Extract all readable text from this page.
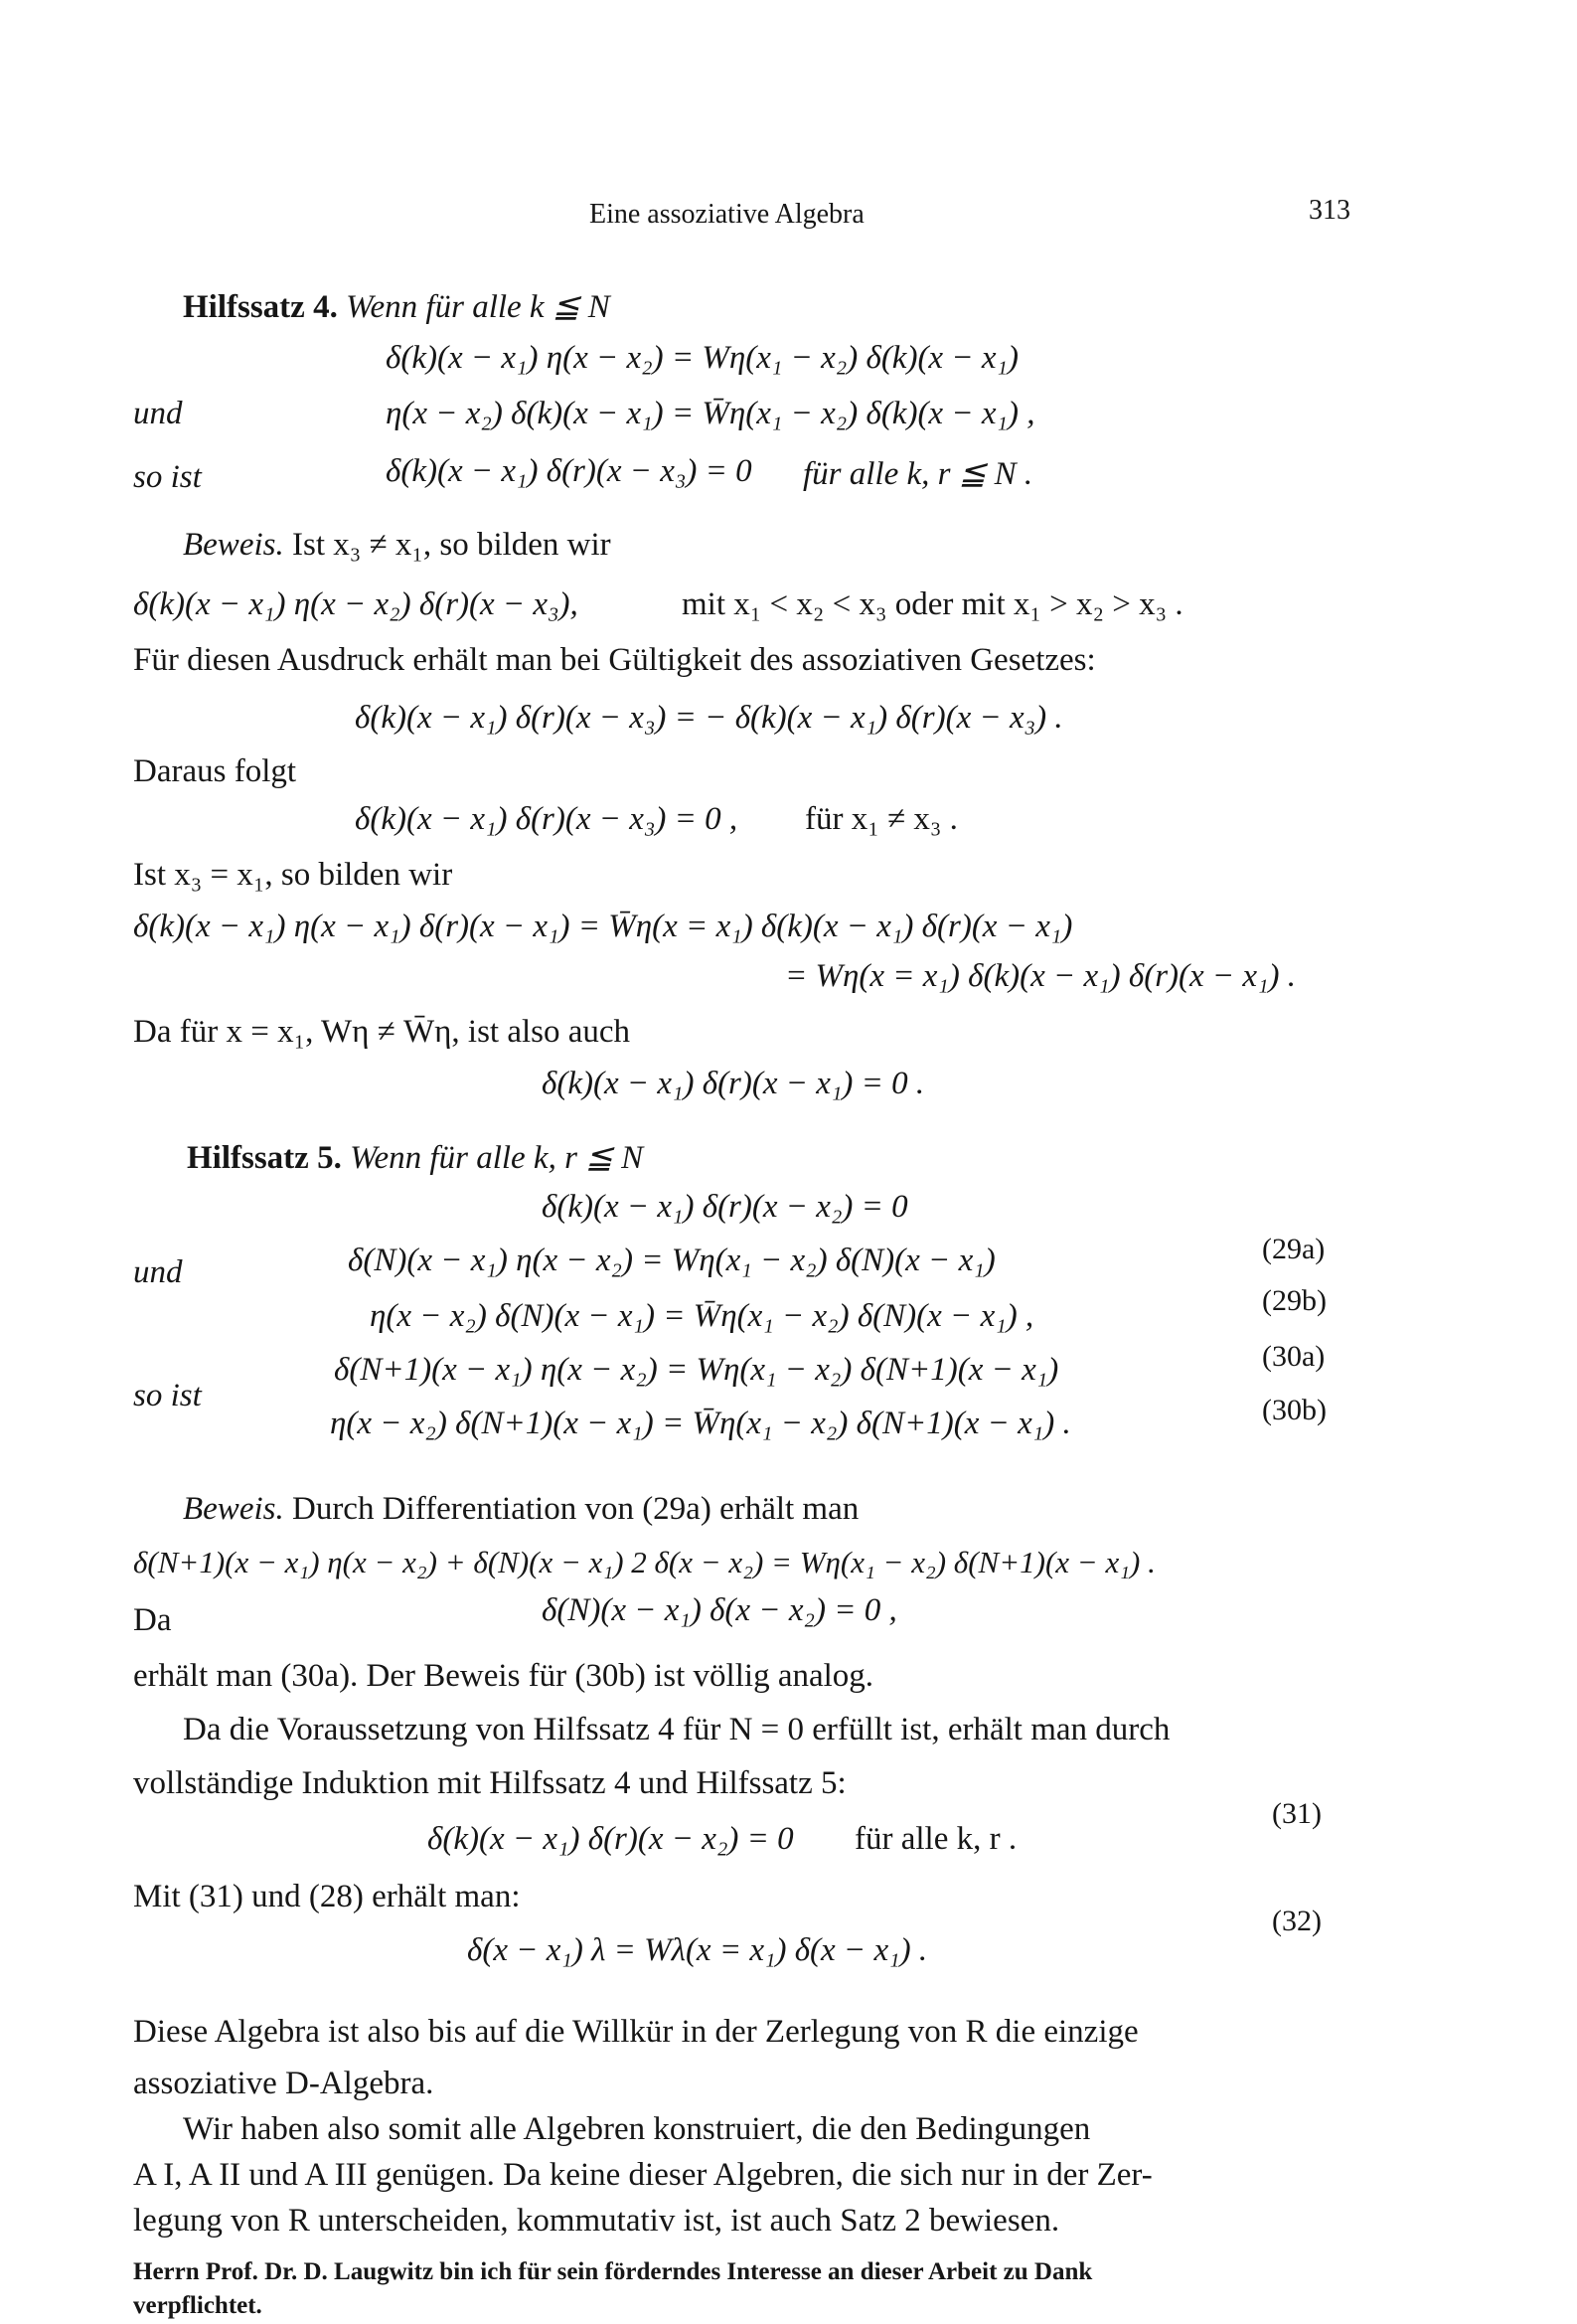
Eine assoziative Algebra	313
Hilfssatz 4. Wenn für alle k ≦ N
δ(k)(x − x₁) η(x − x₂) = Wη(x₁ − x₂) δ(k)(x − x₁)
und	η(x − x₂) δ(k)(x − x₁) = W̄η(x₁ − x₂) δ(k)(x − x₁) ,
so ist	δ(k)(x − x₁) δ(r)(x − x₃) = 0 für alle k, r ≦ N .
Beweis. Ist x₃ ≠ x₁, so bilden wir
δ(k)(x − x₁) η(x − x₂) δ(r)(x − x₃),	mit x₁ < x₂ < x₃ oder mit x₁ > x₂ > x₃ .
Für diesen Ausdruck erhält man bei Gültigkeit des assoziativen Gesetzes:
δ(k)(x − x₁) δ(r)(x − x₃) = − δ(k)(x − x₁) δ(r)(x − x₃) .
Daraus folgt
δ(k)(x − x₁) δ(r)(x − x₃) = 0 , für x₁ ≠ x₃ .
Ist x₃ = x₁, so bilden wir
δ(k)(x − x₁) η(x − x₁) δ(r)(x − x₁) = W̄η(x = x₁) δ(k)(x − x₁) δ(r)(x − x₁)
= Wη(x = x₁) δ(k)(x − x₁) δ(r)(x − x₁) .
Da für x = x₁, Wη ≠ W̄η, ist also auch
δ(k)(x − x₁) δ(r)(x − x₁) = 0 .
Hilfssatz 5. Wenn für alle k, r ≦ N
δ(k)(x − x₁) δ(r)(x − x₂) = 0
und	δ(N)(x − x₁) η(x − x₂) = Wη(x₁ − x₂) δ(N)(x − x₁)	(29a)
η(x − x₂) δ(N)(x − x₁) = W̄η(x₁ − x₂) δ(N)(x − x₁) ,	(29b)
so ist
δ(N+1)(x − x₁) η(x − x₂) = Wη(x₁ − x₂) δ(N+1)(x − x₁)	(30a)
η(x − x₂) δ(N+1)(x − x₁) = W̄η(x₁ − x₂) δ(N+1)(x − x₁) .	(30b)
Beweis. Durch Differentiation von (29a) erhält man
δ(N+1)(x − x₁) η(x − x₂) + δ(N)(x − x₁) 2 δ(x − x₂) = Wη(x₁ − x₂) δ(N+1)(x − x₁) .
Da	δ(N)(x − x₁) δ(x − x₂) = 0 ,
erhält man (30a). Der Beweis für (30b) ist völlig analog.
Da die Voraussetzung von Hilfssatz 4 für N = 0 erfüllt ist, erhält man durch
vollständige Induktion mit Hilfssatz 4 und Hilfssatz 5:
δ(k)(x − x₁) δ(r)(x − x₂) = 0 für alle k, r .
(31)
Mit (31) und (28) erhält man:
δ(x − x₁) λ = Wλ(x = x₁) δ(x − x₁) .
(32)
Diese Algebra ist also bis auf die Willkür in der Zerlegung von R die einzige
assoziative D-Algebra.
Wir haben also somit alle Algebren konstruiert, die den Bedingungen
A I, A II und A III genügen. Da keine dieser Algebren, die sich nur in der Zer-
legung von R unterscheiden, kommutativ ist, ist auch Satz 2 bewiesen.
Herrn Prof. Dr. D. Laugwitz bin ich für sein förderndes Interesse an dieser Arbeit zu Dank
verpflichtet.
